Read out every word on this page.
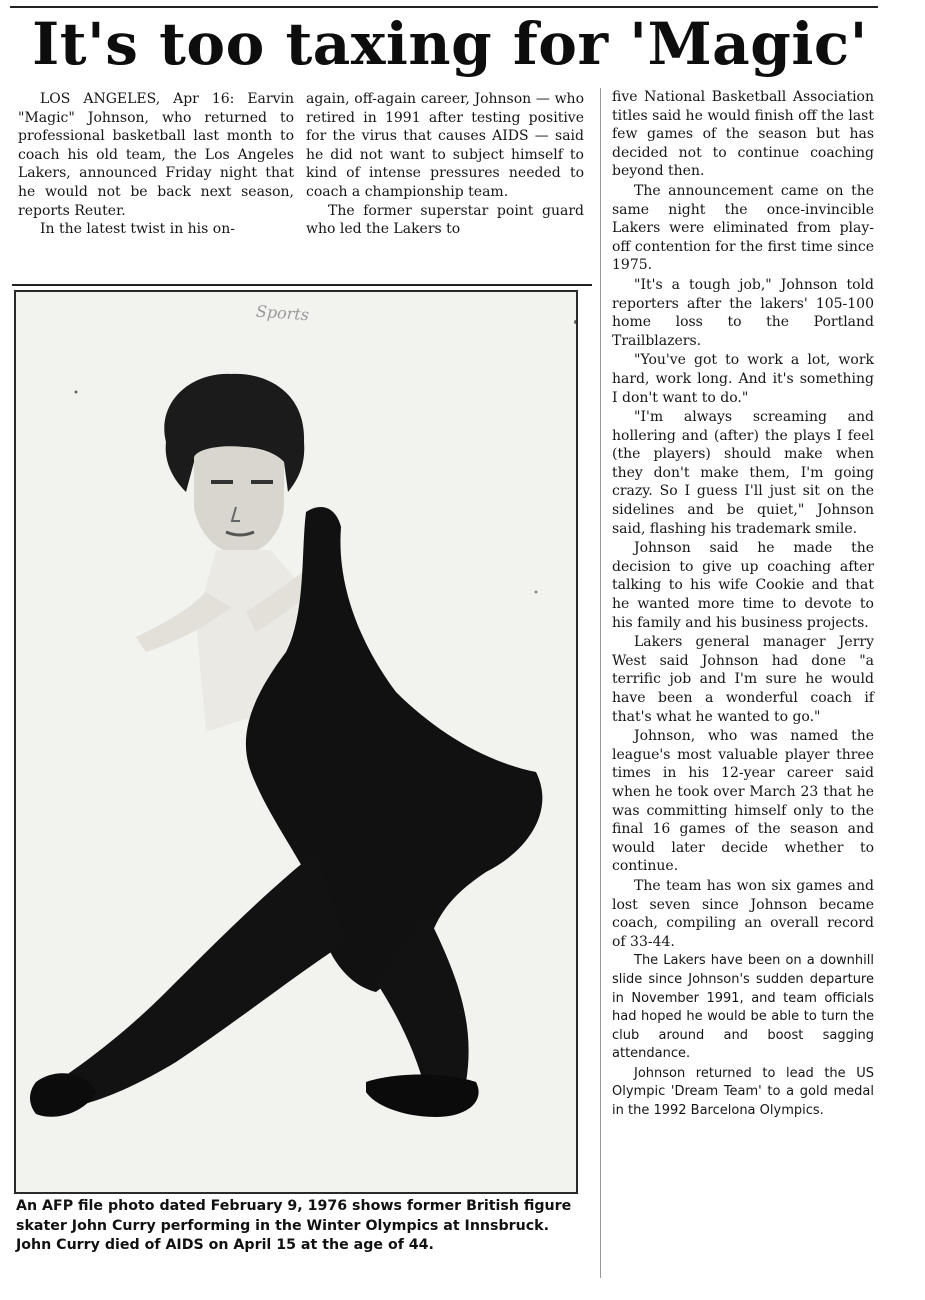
It's too taxing for 'Magic'

LOS ANGELES, Apr 16: Earvin "Magic" Johnson, who returned to professional basketball last month to coach his old team, the Los Angeles Lakers, announced Friday night that he would not be back next season, reports Reuter.

In the latest twist in his on-

again, off-again career, Johnson — who retired in 1991 after testing positive for the virus that causes AIDS — said he did not want to subject himself to kind of intense pressures needed to coach a championship team.

The former superstar point guard who led the Lakers to

five National Basketball Association titles said he would finish off the last few games of the season but has decided not to continue coaching beyond then.

The announcement came on the same night the once-invincible Lakers were eliminated from play-off contention for the first time since 1975.

"It's a tough job," Johnson told reporters after the lakers' 105-100 home loss to the Portland Trailblazers.

"You've got to work a lot, work hard, work long. And it's something I don't want to do."

"I'm always screaming and hollering and (after) the plays I feel (the players) should make when they don't make them, I'm going crazy. So I guess I'll just sit on the sidelines and be quiet," Johnson said, flashing his trademark smile.

Johnson said he made the decision to give up coaching after talking to his wife Cookie and that he wanted more time to devote to his family and his business projects.

Lakers general manager Jerry West said Johnson had done "a terrific job and I'm sure he would have been a wonderful coach if that's what he wanted to go."

Johnson, who was named the league's most valuable player three times in his 12-year career said when he took over March 23 that he was committing himself only to the final 16 games of the season and would later decide whether to continue.

The team has won six games and lost seven since Johnson became coach, compiling an overall record of 33-44.

The Lakers have been on a downhill slide since Johnson's sudden departure in November 1991, and team officials had hoped he would be able to turn the club around and boost sagging attendance.

Johnson returned to lead the US Olympic 'Dream Team' to a gold medal in the 1992 Barcelona Olympics.

Sports
An AFP file photo dated February 9, 1976 shows former British figure skater John Curry performing in the Winter Olympics at Innsbruck. John Curry died of AIDS on April 15 at the age of 44.
